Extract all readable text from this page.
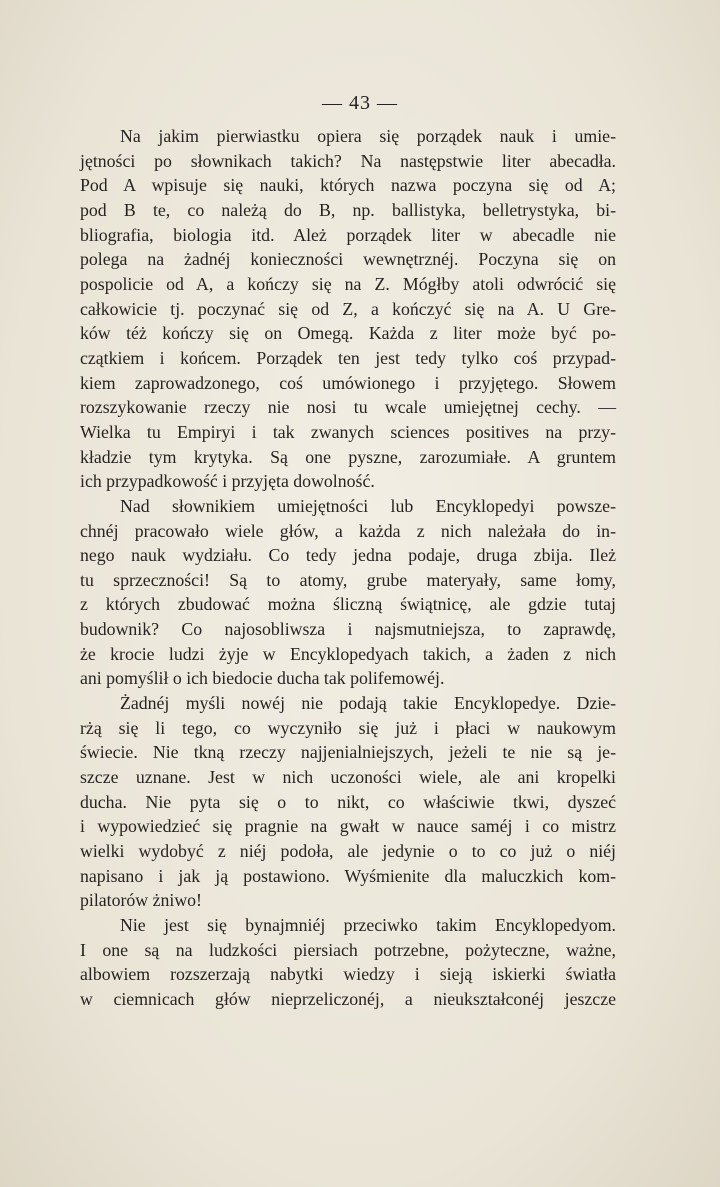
— 43 —
Na jakim pierwiastku opiera się porządek nauk i umie-
jętności po słownikach takich? Na następstwie liter abecadła.
Pod A wpisuje się nauki, których nazwa poczyna się od A;
pod B te, co należą do B, np. ballistyka, belletrystyka, bi-
bliografia, biologia itd. Ależ porządek liter w abecadle nie
polega na żadnéj konieczności wewnętrznéj. Poczyna się on
pospolicie od A, a kończy się na Z. Mógłby atoli odwrócić się
całkowicie tj. poczynać się od Z, a kończyć się na A. U Gre-
ków téż kończy się on Omegą. Każda z liter może być po-
czątkiem i końcem. Porządek ten jest tedy tylko coś przypad-
kiem zaprowadzonego, coś umówionego i przyjętego. Słowem
rozszykowanie rzeczy nie nosi tu wcale umiejętnej cechy. —
Wielka tu Empiryi i tak zwanych sciences positives na przy-
kładzie tym krytyka. Są one pyszne, zarozumiałe. A gruntem
ich przypadkowość i przyjęta dowolność.
Nad słownikiem umiejętności lub Encyklopedyi powsze-
chnéj pracowało wiele głów, a każda z nich należała do in-
nego nauk wydziału. Co tedy jedna podaje, druga zbija. Ileż
tu sprzeczności! Są to atomy, grube materyały, same łomy,
z których zbudować można śliczną świątnicę, ale gdzie tutaj
budownik? Co najosobliwsza i najsmutniejsza, to zaprawdę,
że krocie ludzi żyje w Encyklopedyach takich, a żaden z nich
ani pomyślił o ich biedocie ducha tak polifemowéj.
Żadnéj myśli nowéj nie podają takie Encyklopedye. Dzie-
rżą się li tego, co wyczyniło się już i płaci w naukowym
świecie. Nie tkną rzeczy najjenialniejszych, jeżeli te nie są je-
szcze uznane. Jest w nich uczoności wiele, ale ani kropelki
ducha. Nie pyta się o to nikt, co właściwie tkwi, dyszeć
i wypowiedzieć się pragnie na gwałt w nauce saméj i co mistrz
wielki wydobyć z niéj podoła, ale jedynie o to co już o niéj
napisano i jak ją postawiono. Wyśmienite dla maluczkich kom-
pilatorów żniwo!
Nie jest się bynajmniéj przeciwko takim Encyklopedyom.
I one są na ludzkości piersiach potrzebne, pożyteczne, ważne,
albowiem rozszerzają nabytki wiedzy i sieją iskierki światła
w ciemnicach głów nieprzeliczonéj, a nieukształconéj jeszcze
